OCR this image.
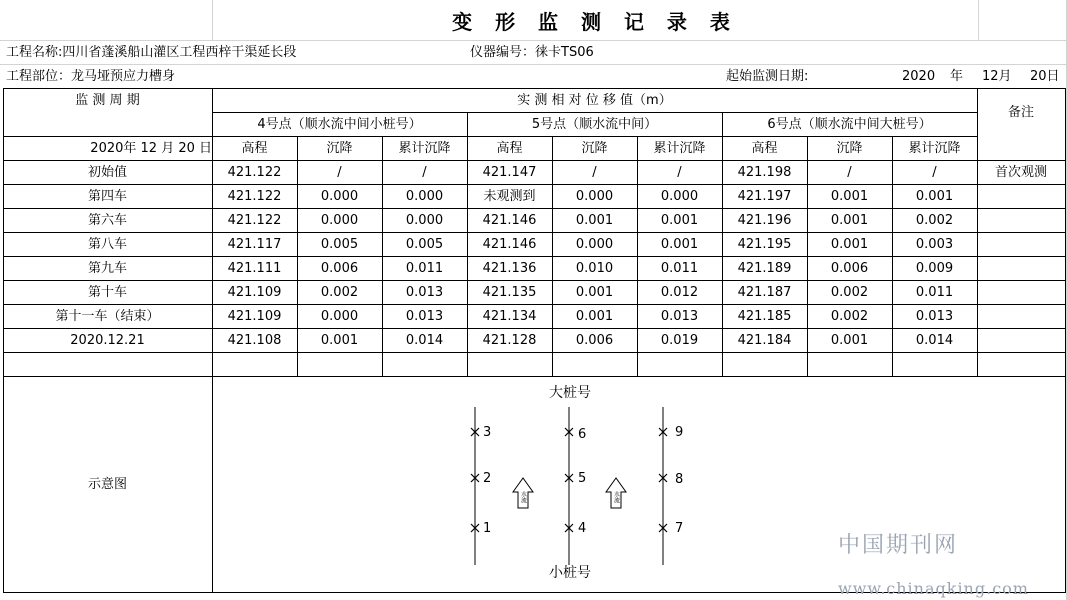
变 形 监 测 记 录 表
工程名称:四川省蓬溪船山灌区工程西梓干渠延长段	仪器编号：徕卡TS06
工程部位：龙马垭预应力槽身	起始监测日期:	2020 年 12月 20日
监 测 周 期
2020年 12 月 20 日
实 测 相 对 位 移 值（m）
备注
4号点（顺水流中间小桩号）	5号点（顺水流中间）	6号点（顺水流中间大桩号）
高程	沉降	累计沉降	高程	沉降	累计沉降	高程	沉降	累计沉降
初始值	421.122	/	/	421.147	/	/	421.198	/	/	首次观测
第四车	421.122	0.000	0.000	未观测到	0.000	0.000	421.197	0.001	0.001
第六车	421.122	0.000	0.000	421.146	0.001	0.001	421.196	0.001	0.002
第八车	421.117	0.005	0.005	421.146	0.000	0.001	421.195	0.001	0.003
第九车	421.111	0.006	0.011	421.136	0.010	0.011	421.189	0.006	0.009
第十车	421.109	0.002	0.013	421.135	0.001	0.012	421.187	0.002	0.011
第十一车（结束）	421.109	0.000	0.013	421.134	0.001	0.013	421.185	0.002	0.013
2020.12.21	421.108	0.001	0.014	421.128	0.006	0.019	421.184	0.001	0.014
示意图
大桩号
小桩号
3
2
1
6
5
4
9
8
7
水流	水流
中国期刊网
www.chinaqking.com
